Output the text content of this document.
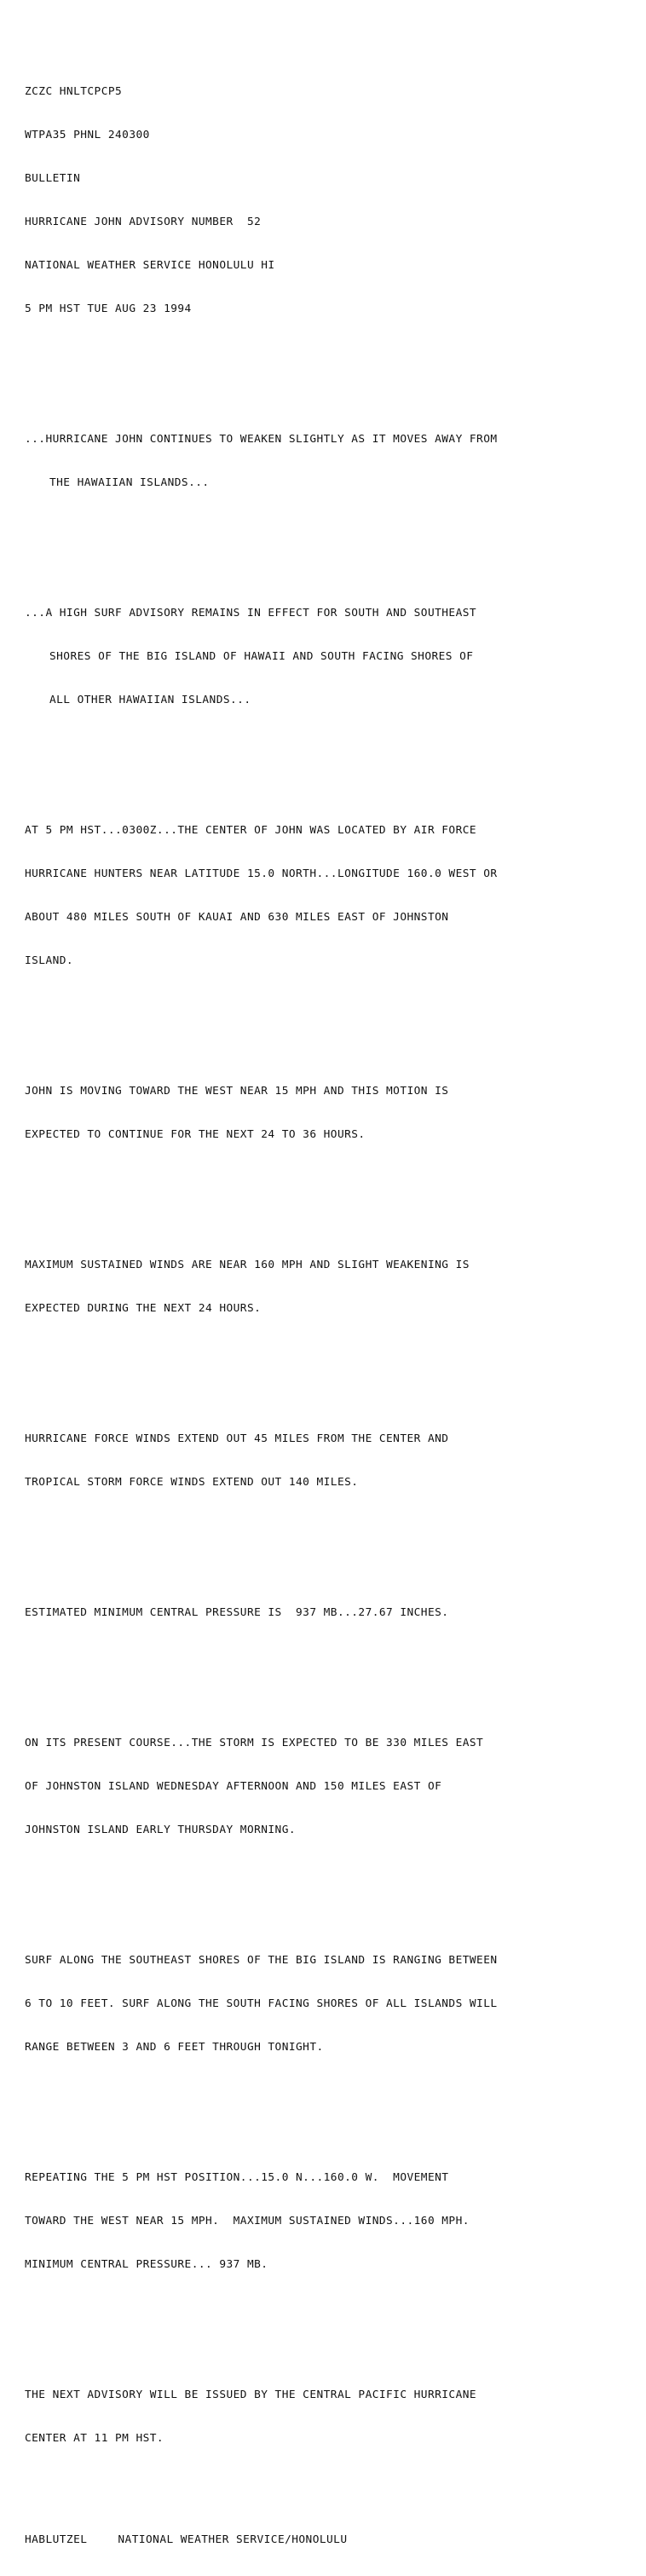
ZCZC HNLTCPCP5

WTPA35 PHNL 240300

BULLETIN

HURRICANE JOHN ADVISORY NUMBER  52

NATIONAL WEATHER SERVICE HONOLULU HI

5 PM HST TUE AUG 23 1994

...HURRICANE JOHN CONTINUES TO WEAKEN SLIGHTLY AS IT MOVES AWAY FROM

THE HAWAIIAN ISLANDS...

...A HIGH SURF ADVISORY REMAINS IN EFFECT FOR SOUTH AND SOUTHEAST

SHORES OF THE BIG ISLAND OF HAWAII AND SOUTH FACING SHORES OF

ALL OTHER HAWAIIAN ISLANDS...

AT 5 PM HST...0300Z...THE CENTER OF JOHN WAS LOCATED BY AIR FORCE

HURRICANE HUNTERS NEAR LATITUDE 15.0 NORTH...LONGITUDE 160.0 WEST OR

ABOUT 480 MILES SOUTH OF KAUAI AND 630 MILES EAST OF JOHNSTON

ISLAND.

JOHN IS MOVING TOWARD THE WEST NEAR 15 MPH AND THIS MOTION IS

EXPECTED TO CONTINUE FOR THE NEXT 24 TO 36 HOURS.

MAXIMUM SUSTAINED WINDS ARE NEAR 160 MPH AND SLIGHT WEAKENING IS

EXPECTED DURING THE NEXT 24 HOURS.

HURRICANE FORCE WINDS EXTEND OUT 45 MILES FROM THE CENTER AND

TROPICAL STORM FORCE WINDS EXTEND OUT 140 MILES.

ESTIMATED MINIMUM CENTRAL PRESSURE IS  937 MB...27.67 INCHES.

ON ITS PRESENT COURSE...THE STORM IS EXPECTED TO BE 330 MILES EAST

OF JOHNSTON ISLAND WEDNESDAY AFTERNOON AND 150 MILES EAST OF

JOHNSTON ISLAND EARLY THURSDAY MORNING.

SURF ALONG THE SOUTHEAST SHORES OF THE BIG ISLAND IS RANGING BETWEEN

6 TO 10 FEET. SURF ALONG THE SOUTH FACING SHORES OF ALL ISLANDS WILL

RANGE BETWEEN 3 AND 6 FEET THROUGH TONIGHT.

REPEATING THE 5 PM HST POSITION...15.0 N...160.0 W.  MOVEMENT

TOWARD THE WEST NEAR 15 MPH.  MAXIMUM SUSTAINED WINDS...160 MPH.

MINIMUM CENTRAL PRESSURE... 937 MB.

THE NEXT ADVISORY WILL BE ISSUED BY THE CENTRAL PACIFIC HURRICANE

CENTER AT 11 PM HST.

HABLUTZEL	NATIONAL WEATHER SERVICE/HONOLULU
